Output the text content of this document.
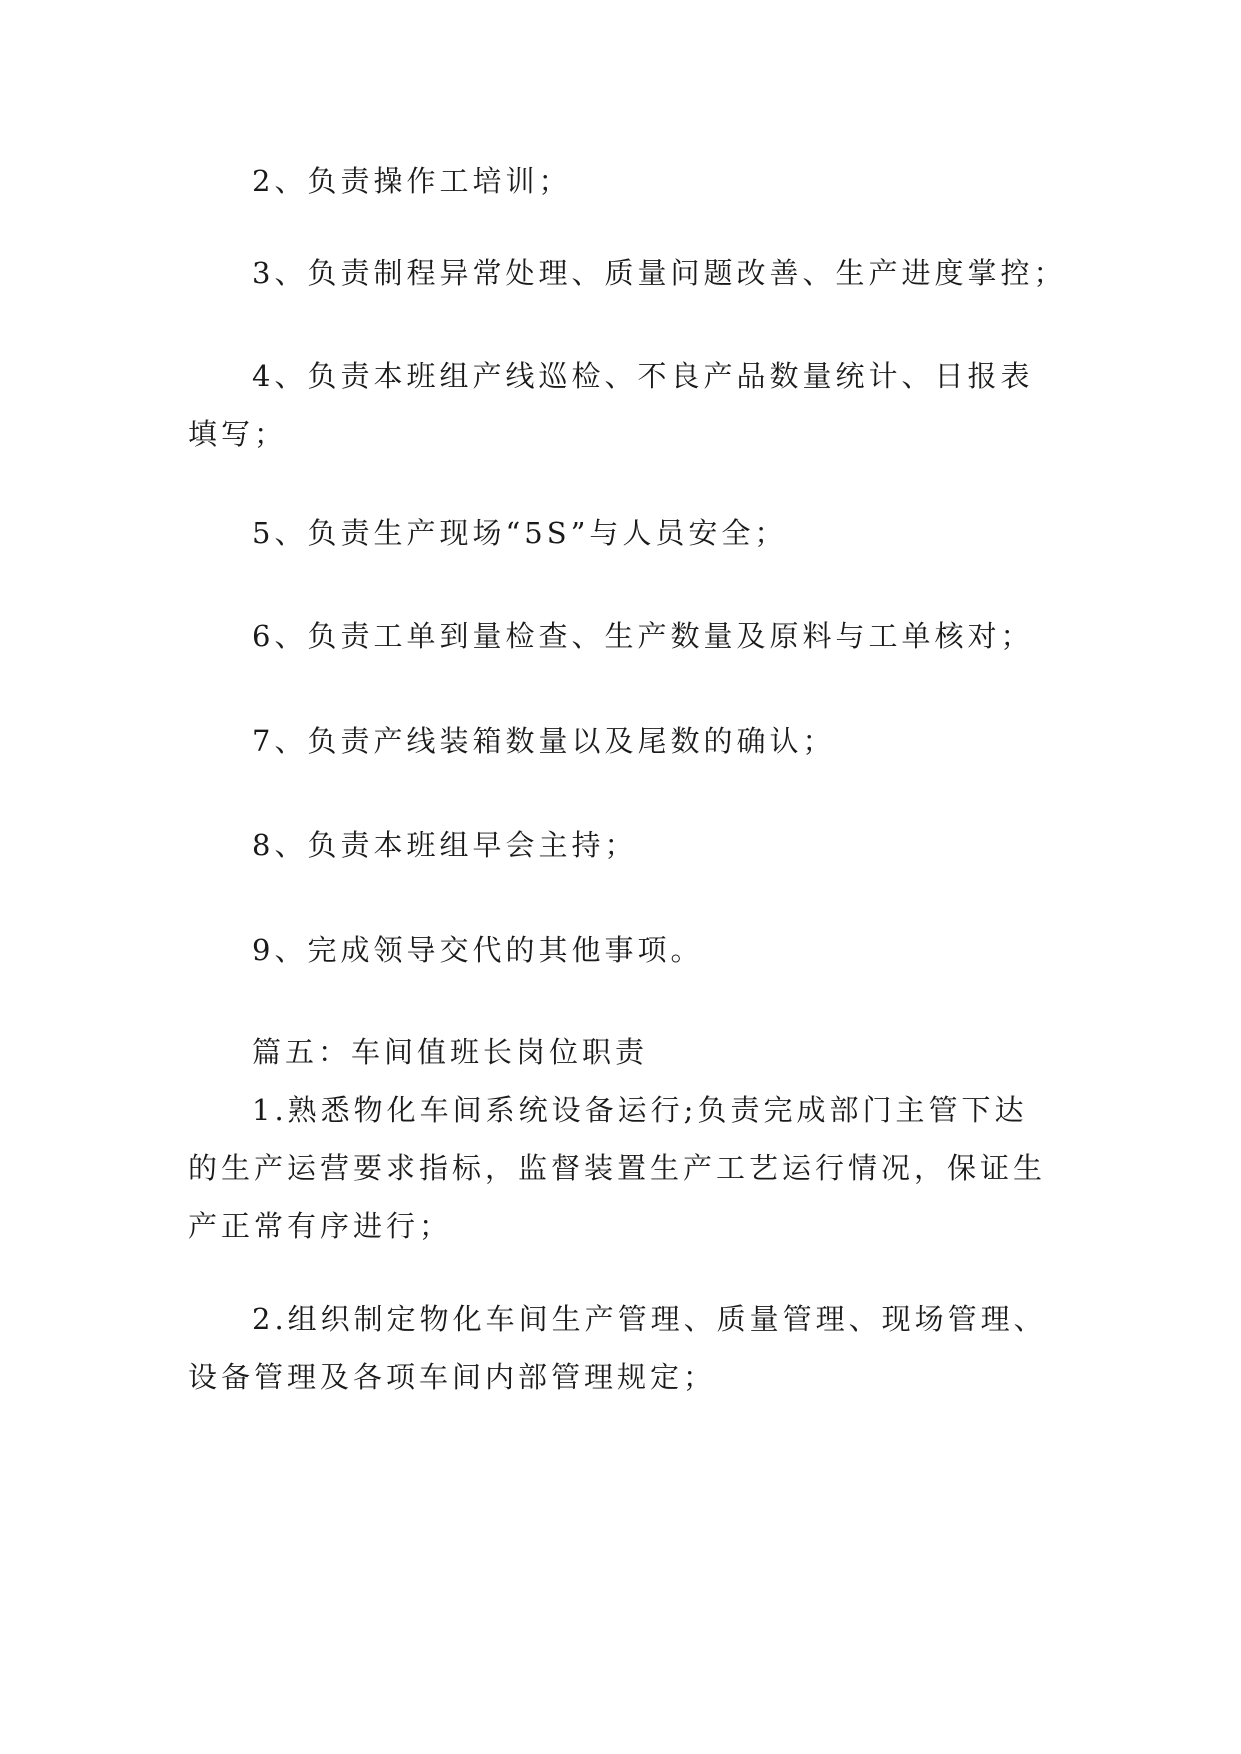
2、负责操作工培训；
3、负责制程异常处理、质量问题改善、生产进度掌控；
4、负责本班组产线巡检、不良产品数量统计、日报表
填写；
5、负责生产现场“5S”与人员安全；
6、负责工单到量检查、生产数量及原料与工单核对；
7、负责产线装箱数量以及尾数的确认；
8、负责本班组早会主持；
9、完成领导交代的其他事项。
篇五：车间值班长岗位职责
1.熟悉物化车间系统设备运行;负责完成部门主管下达
的生产运营要求指标，监督装置生产工艺运行情况，保证生
产正常有序进行；
2.组织制定物化车间生产管理、质量管理、现场管理、
设备管理及各项车间内部管理规定；
